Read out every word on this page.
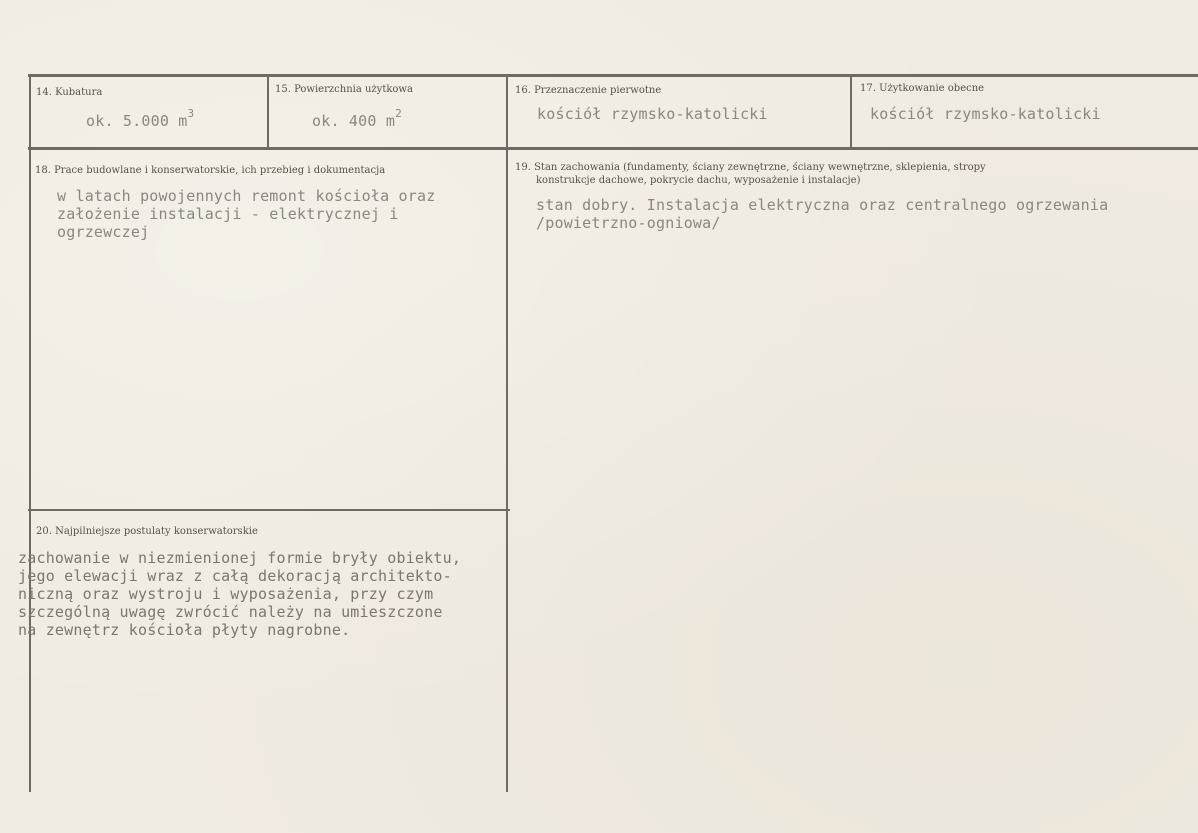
14. Kubatura
ok. 5.000 $m^3$
15. Powierzchnia użytkowa
ok. 400 $m^2$
16. Przeznaczenie pierwotne
kościół rzymsko-katolicki
17. Użytkowanie obecne
kościół rzymsko-katolicki
18. Prace budowlane i konserwatorskie, ich przebieg i dokumentacja
w latach powojennych remont kościoła oraz
założenie instalacji - elektrycznej i
ogrzewczej
19. Stan zachowania (fundamenty, ściany zewnętrzne, ściany wewnętrzne, sklepienia, stropy
konstrukcje dachowe, pokrycie dachu, wyposażenie i instalacje)
stan dobry. Instalacja elektryczna oraz centralnego ogrzewania
/powietrzno-ogniowa/
20. Najpilniejsze postulaty konserwatorskie
zachowanie w niezmienionej formie bryły obiektu,
jego elewacji wraz z całą dekoracją architekto-
niczną oraz wystroju i wyposażenia, przy czym
szczególną uwagę zwrócić należy na umieszczone
na zewnętrz kościoła płyty nagrobne.
